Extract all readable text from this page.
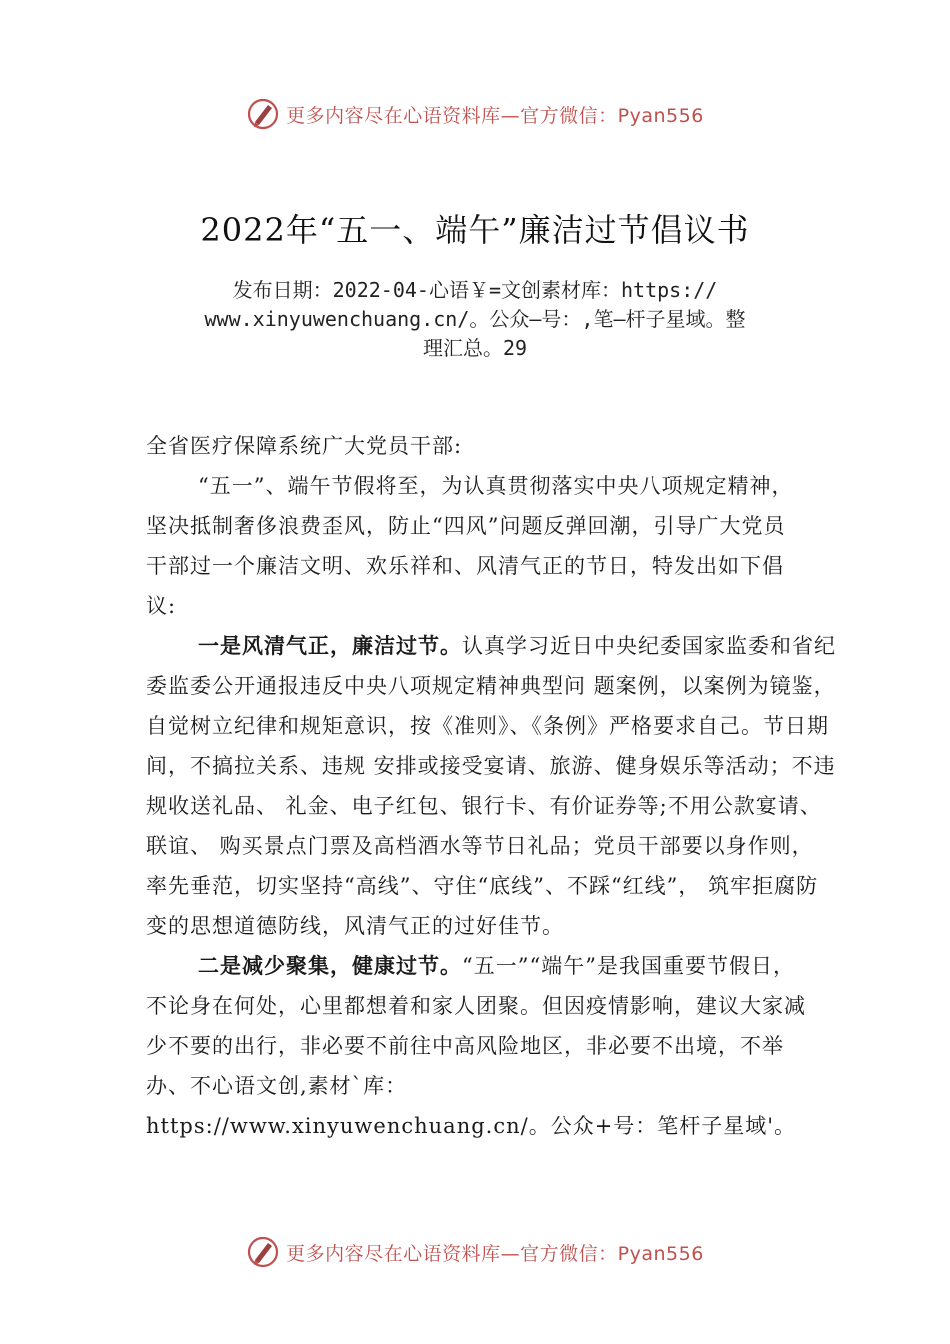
更多内容尽在心语资料库—官方微信：Pyan556
2022年“五一、端午”廉洁过节倡议书
发布日期：2022-04-心语￥=文创素材库：https://
www.xinyuwenchuang.cn/。公众—号：,笔—杆子星域。整
理汇总。29

全省医疗保障系统广大党员干部:

“五一”、端午节假将至，为认真贯彻落实中央八项规定精神，坚决抵制奢侈浪费歪风，防止“四风”问题反弹回潮，引导广大党员干部过一个廉洁文明、欢乐祥和、风清气正的节日，特发出如下倡议:

一是风清气正，廉洁过节。认真学习近日中央纪委国家监委和省纪委监委公开通报违反中央八项规定精神典型问 题案例，以案例为镜鉴，自觉树立纪律和规矩意识，按《准则》、《条例》严格要求自己。节日期间，不搞拉关系、违规 安排或接受宴请、旅游、健身娱乐等活动；不违规收送礼品、 礼金、电子红包、银行卡、有价证券等;不用公款宴请、联谊、 购买景点门票及高档酒水等节日礼品；党员干部要以身作则， 率先垂范，切实坚持“高线”、守住“底线”、不踩“红线”， 筑牢拒腐防变的思想道德防线，风清气正的过好佳节。

二是减少聚集，健康过节。“五一”“端午”是我国重要节假日，不论身在何处，心里都想着和家人团聚。但因疫情影响，建议大家减少不要的出行，非必要不前往中高风险地区，非必要不出境，不举办、不心语文创,素材`库：https://www.xinyuwenchuang.cn/。公众+号：笔杆子星域'。

更多内容尽在心语资料库—官方微信：Pyan556
